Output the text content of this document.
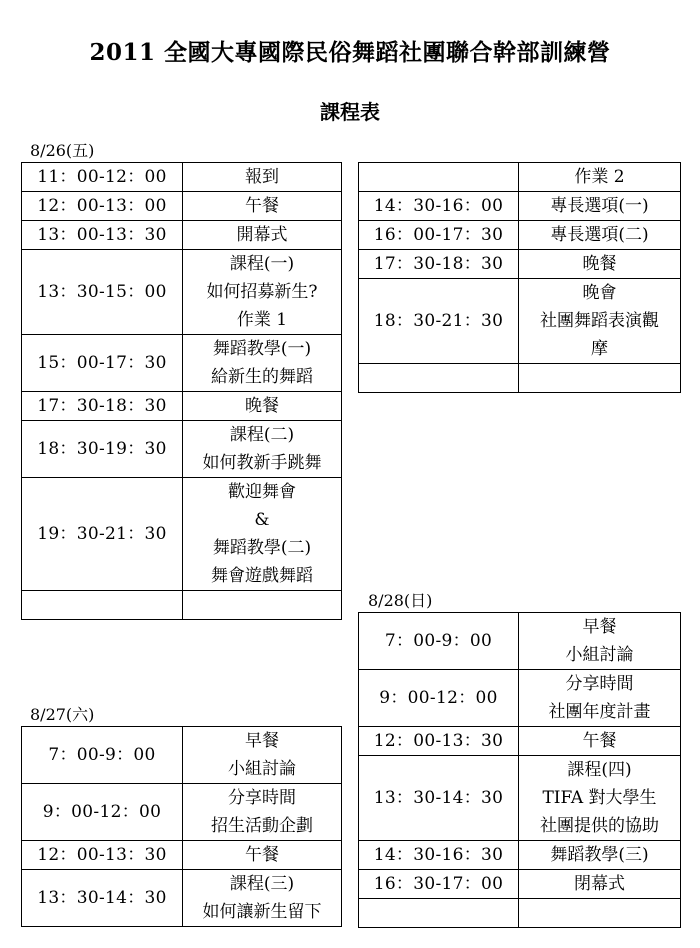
2011 全國大專國際民俗舞蹈社團聯合幹部訓練營
課程表
8/26(五)
11：00-12：00	報到

12：00-13：00	午餐

13：00-13：30	開幕式

13：30-15：00	課程(一)
如何招募新生?
作業 1

15：00-17：30	舞蹈教學(一)
給新生的舞蹈

17：30-18：30	晚餐

18：30-19：30	課程(二)
如何教新手跳舞

19：30-21：30	歡迎舞會
&
舞蹈教學(二)
舞會遊戲舞蹈

	作業 2

14：30-16：00	專長選項(一)

16：00-17：30	專長選項(二)

17：30-18：30	晚餐

18：30-21：30	晚會
社團舞蹈表演觀
摩

8/28(日)
7：00-9：00	早餐
小組討論

9：00-12：00	分享時間
社團年度計畫

12：00-13：30	午餐

13：30-14：30	課程(四)
TIFA 對大學生
社團提供的協助

14：30-16：30	舞蹈教學(三)

16：30-17：00	閉幕式

8/27(六)
7：00-9：00	早餐
小組討論

9：00-12：00	分享時間
招生活動企劃

12：00-13：30	午餐

13：30-14：30	課程(三)
如何讓新生留下
